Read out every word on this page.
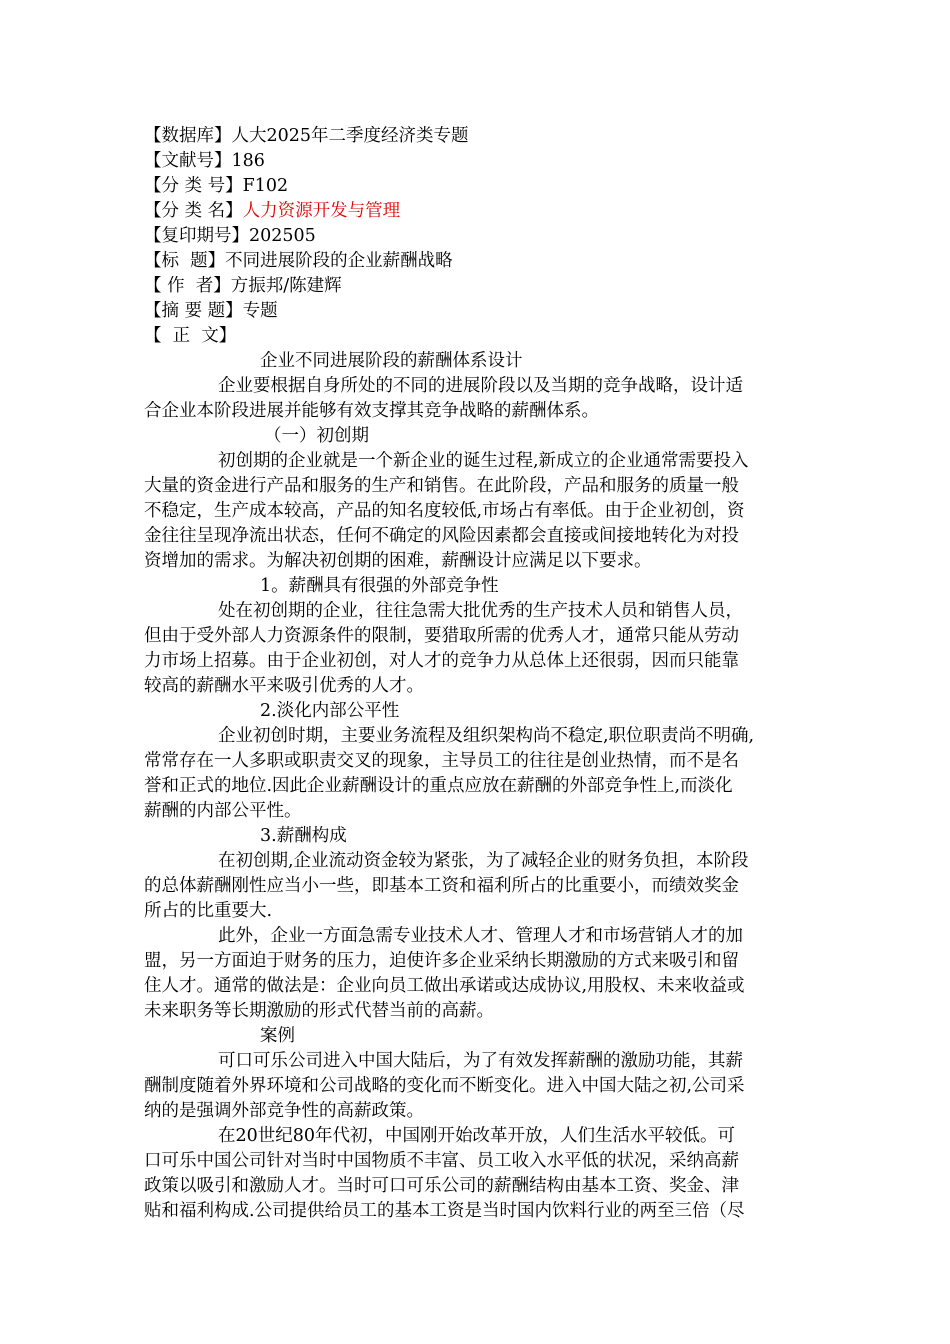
【数据库】人大2025年二季度经济类专题
【文献号】186
【分 类 号】F102
【分 类 名】人力资源开发与管理
【复印期号】202505
【标  题】不同进展阶段的企业薪酬战略
【 作  者】方振邦/陈建辉
【摘 要 题】专题
【  正  文】
企业不同进展阶段的薪酬体系设计
企业要根据自身所处的不同的进展阶段以及当期的竞争战略，设计适
合企业本阶段进展并能够有效支撑其竞争战略的薪酬体系。
（一）初创期
初创期的企业就是一个新企业的诞生过程,新成立的企业通常需要投入
大量的资金进行产品和服务的生产和销售。在此阶段，产品和服务的质量一般
不稳定，生产成本较高，产品的知名度较低,市场占有率低。由于企业初创，资
金往往呈现净流出状态，任何不确定的风险因素都会直接或间接地转化为对投
资增加的需求。为解决初创期的困难，薪酬设计应满足以下要求。
1。薪酬具有很强的外部竞争性
处在初创期的企业，往往急需大批优秀的生产技术人员和销售人员，
但由于受外部人力资源条件的限制，要猎取所需的优秀人才，通常只能从劳动
力市场上招募。由于企业初创，对人才的竞争力从总体上还很弱，因而只能靠
较高的薪酬水平来吸引优秀的人才。
2.淡化内部公平性
企业初创时期，主要业务流程及组织架构尚不稳定,职位职责尚不明确,
常常存在一人多职或职责交叉的现象，主导员工的往往是创业热情，而不是名
誉和正式的地位.因此企业薪酬设计的重点应放在薪酬的外部竞争性上,而淡化
薪酬的内部公平性。
3.薪酬构成
在初创期,企业流动资金较为紧张，为了减轻企业的财务负担，本阶段
的总体薪酬刚性应当小一些，即基本工资和福利所占的比重要小，而绩效奖金
所占的比重要大.
此外，企业一方面急需专业技术人才、管理人才和市场营销人才的加
盟，另一方面迫于财务的压力，迫使许多企业采纳长期激励的方式来吸引和留
住人才。通常的做法是：企业向员工做出承诺或达成协议,用股权、未来收益或
未来职务等长期激励的形式代替当前的高薪。
案例
可口可乐公司进入中国大陆后，为了有效发挥薪酬的激励功能，其薪
酬制度随着外界环境和公司战略的变化而不断变化。进入中国大陆之初,公司采
纳的是强调外部竞争性的高薪政策。
在20世纪80年代初，中国刚开始改革开放，人们生活水平较低。可
口可乐中国公司针对当时中国物质不丰富、员工收入水平低的状况，采纳高薪
政策以吸引和激励人才。当时可口可乐公司的薪酬结构由基本工资、奖金、津
贴和福利构成.公司提供给员工的基本工资是当时国内饮料行业的两至三倍（尽
